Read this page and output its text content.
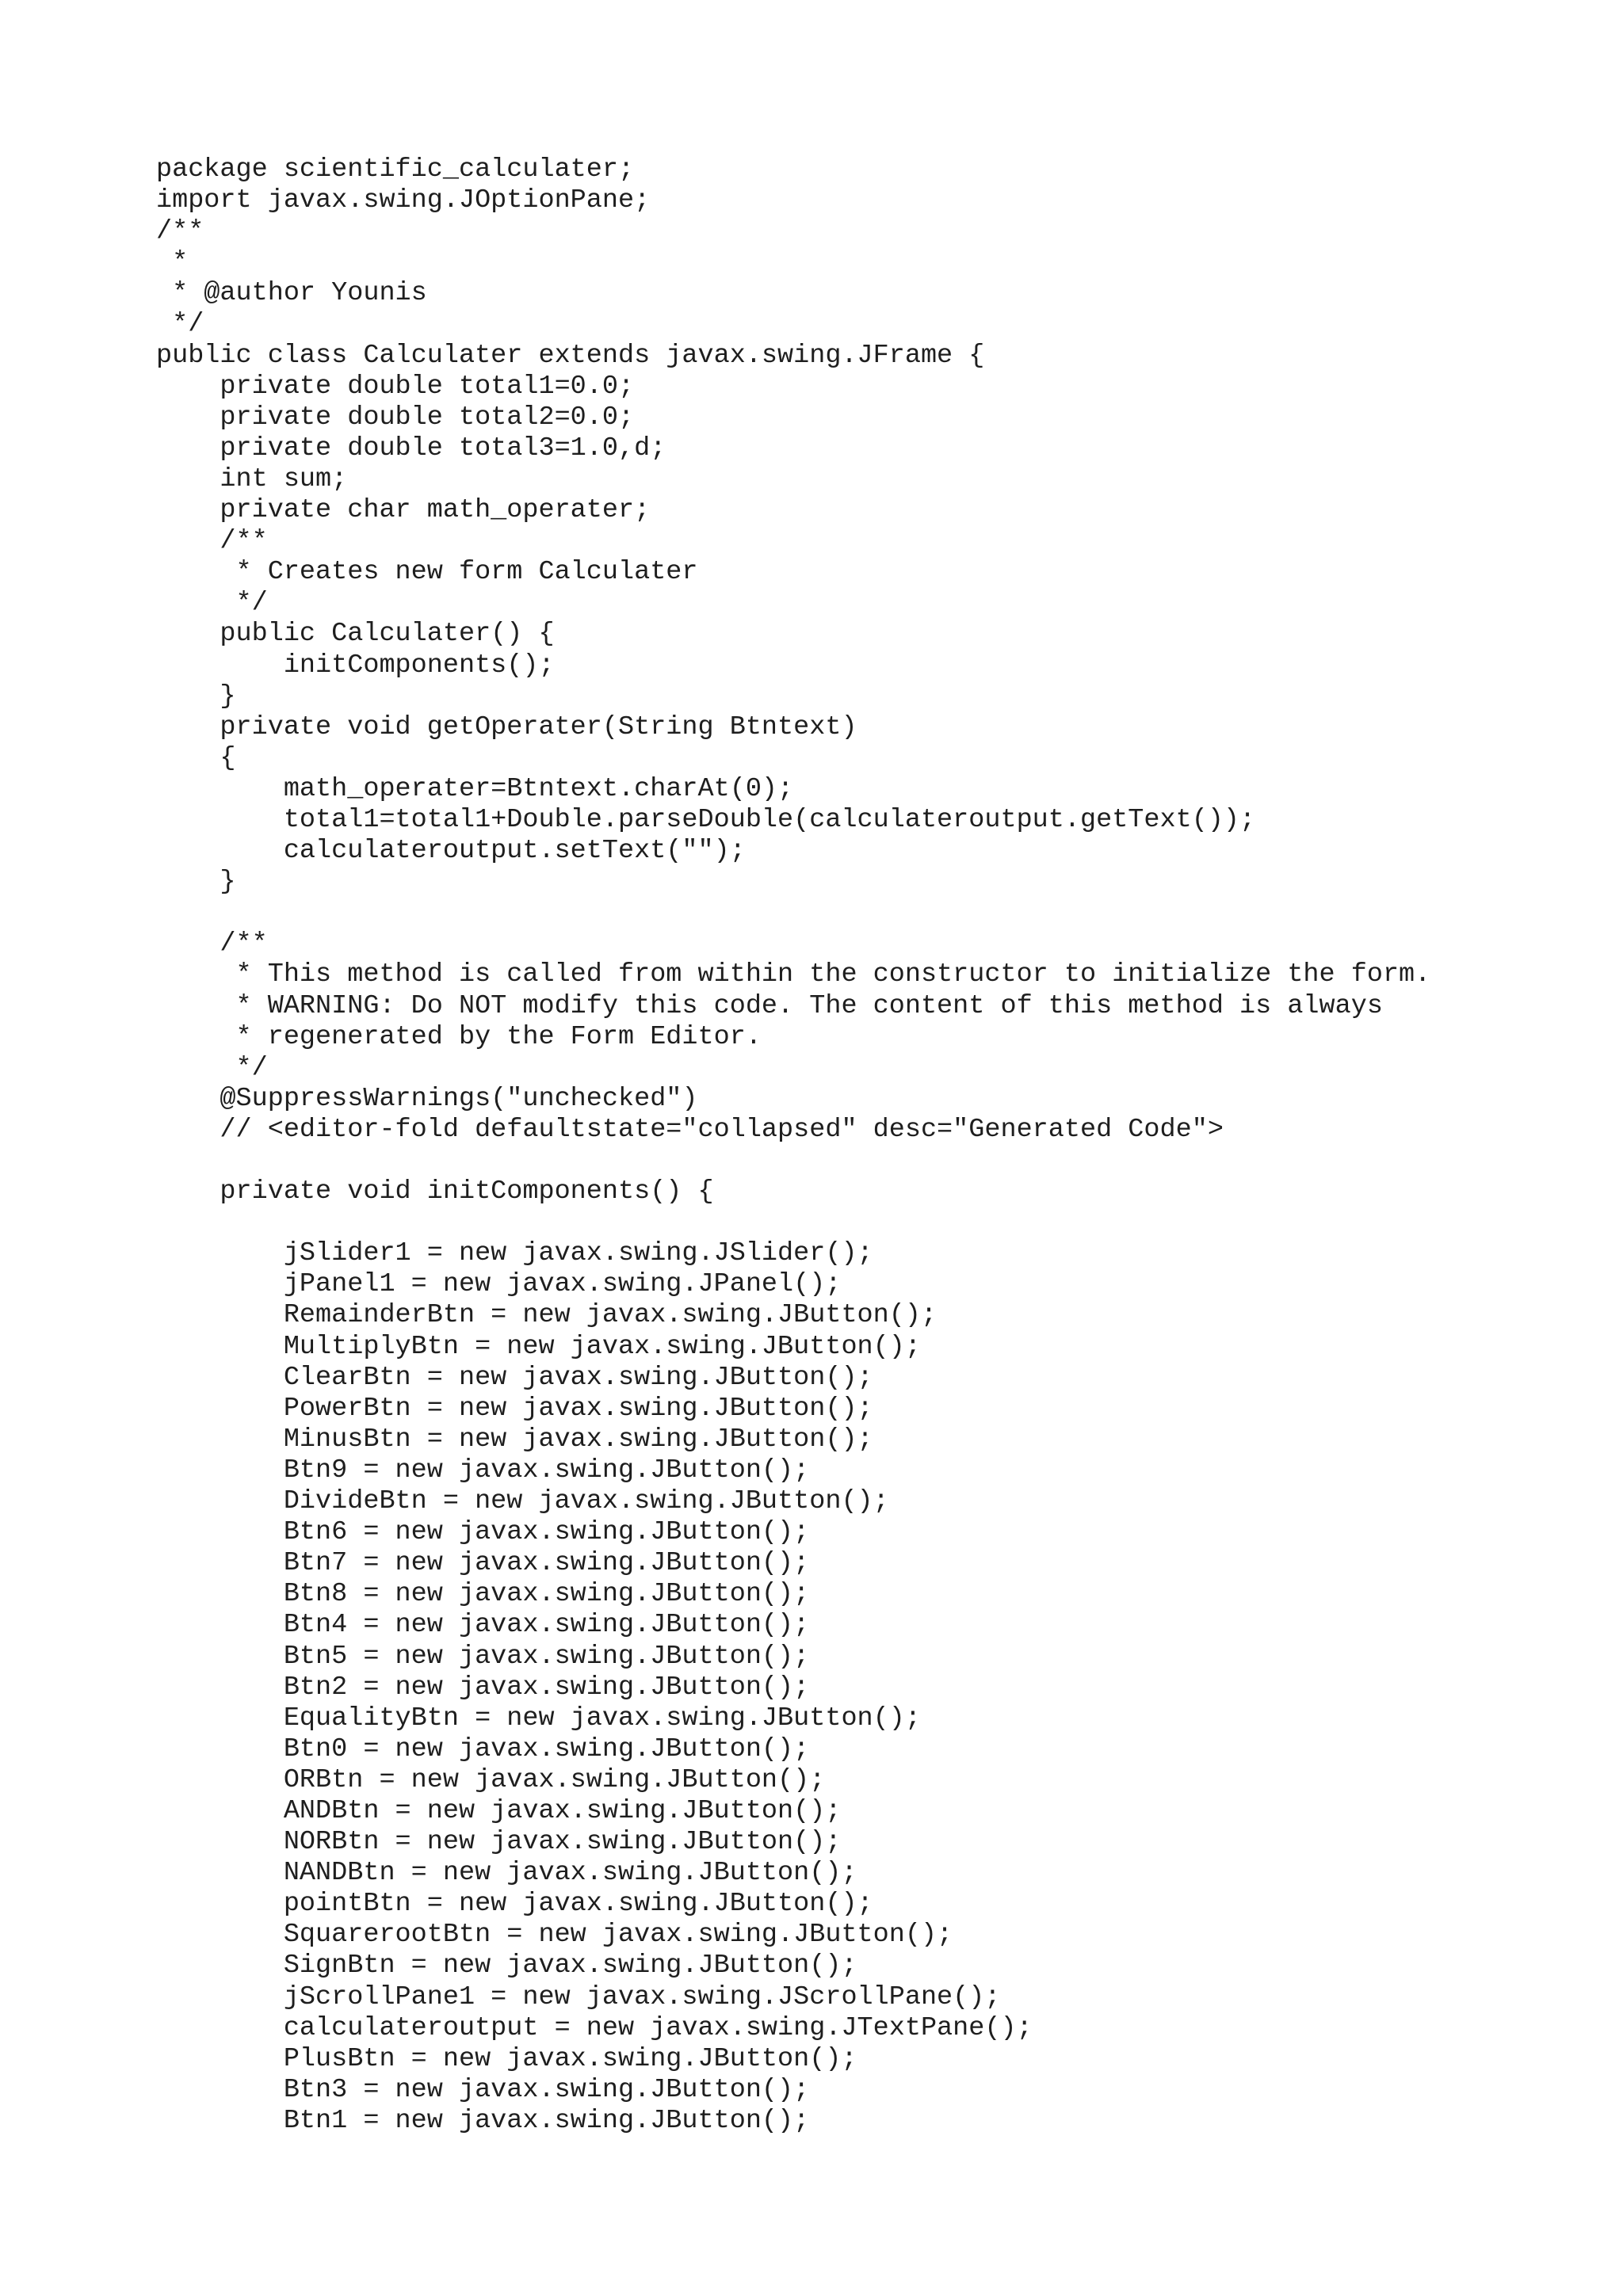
package scientific_calculater;
import javax.swing.JOptionPane;
/**
*
* @author Younis
*/
public class Calculater extends javax.swing.JFrame {
private double total1=0.0;
private double total2=0.0;
private double total3=1.0,d;
int sum;
private char math_operater;
/**
* Creates new form Calculater
*/
public Calculater() {
initComponents();
}
private void getOperater(String Btntext)
{
math_operater=Btntext.charAt(0);
total1=total1+Double.parseDouble(calculateroutput.getText());
calculateroutput.setText("");
}
/**
* This method is called from within the constructor to initialize the form.
* WARNING: Do NOT modify this code. The content of this method is always
* regenerated by the Form Editor.
*/
@SuppressWarnings("unchecked")
// <editor-fold defaultstate="collapsed" desc="Generated Code">
private void initComponents() {
jSlider1 = new javax.swing.JSlider();
jPanel1 = new javax.swing.JPanel();
RemainderBtn = new javax.swing.JButton();
MultiplyBtn = new javax.swing.JButton();
ClearBtn = new javax.swing.JButton();
PowerBtn = new javax.swing.JButton();
MinusBtn = new javax.swing.JButton();
Btn9 = new javax.swing.JButton();
DivideBtn = new javax.swing.JButton();
Btn6 = new javax.swing.JButton();
Btn7 = new javax.swing.JButton();
Btn8 = new javax.swing.JButton();
Btn4 = new javax.swing.JButton();
Btn5 = new javax.swing.JButton();
Btn2 = new javax.swing.JButton();
EqualityBtn = new javax.swing.JButton();
Btn0 = new javax.swing.JButton();
ORBtn = new javax.swing.JButton();
ANDBtn = new javax.swing.JButton();
NORBtn = new javax.swing.JButton();
NANDBtn = new javax.swing.JButton();
pointBtn = new javax.swing.JButton();
SquarerootBtn = new javax.swing.JButton();
SignBtn = new javax.swing.JButton();
jScrollPane1 = new javax.swing.JScrollPane();
calculateroutput = new javax.swing.JTextPane();
PlusBtn = new javax.swing.JButton();
Btn3 = new javax.swing.JButton();
Btn1 = new javax.swing.JButton();
